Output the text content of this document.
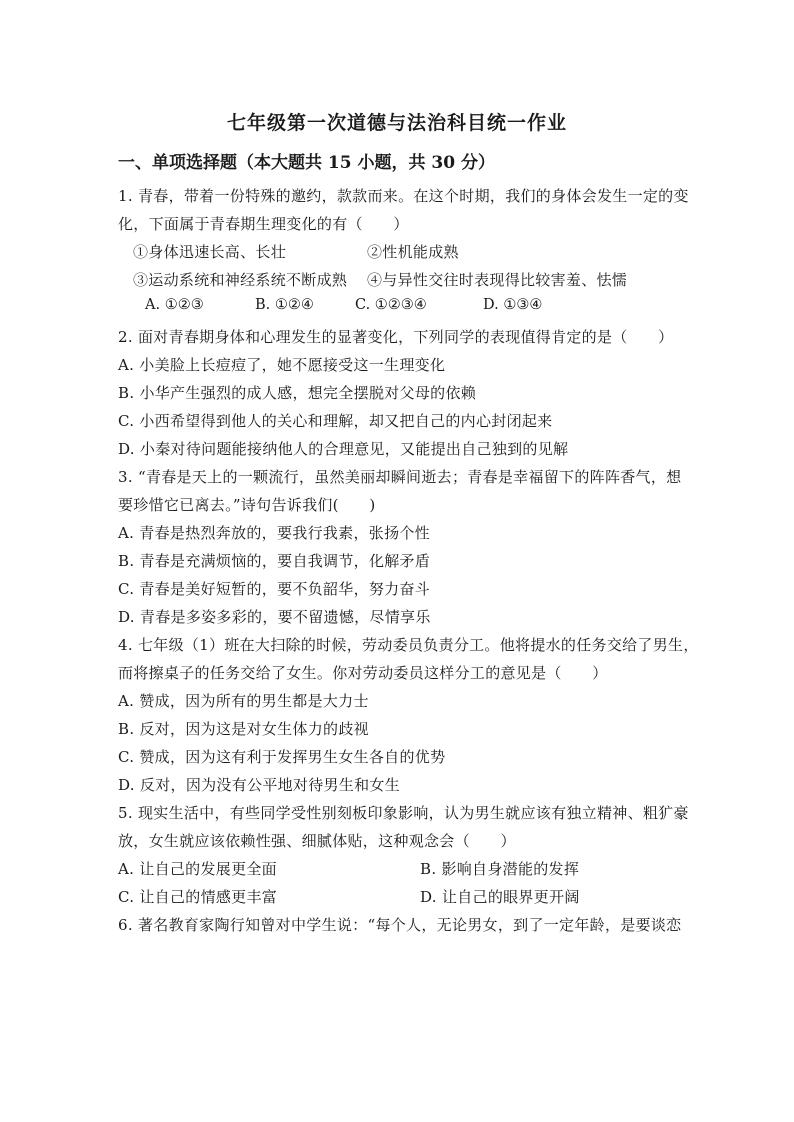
七年级第一次道德与法治科目统一作业
一、单项选择题（本大题共 15 小题，共 30 分）
1. 青春，带着一份特殊的邀约，款款而来。在这个时期，我们的身体会发生一定的变
化，下面属于青春期生理变化的有（　　）
①身体迅速长高、长壮	②性机能成熟
③运动系统和神经系统不断成熟 ④与异性交往时表现得比较害羞、怯懦
A. ①②③	B. ①②④	C. ①②③④	D. ①③④
2. 面对青春期身体和心理发生的显著变化，下列同学的表现值得肯定的是（　　）
A. 小美脸上长痘痘了，她不愿接受这一生理变化
B. 小华产生强烈的成人感，想完全摆脱对父母的依赖
C. 小西希望得到他人的关心和理解，却又把自己的内心封闭起来
D. 小秦对待问题能接纳他人的合理意见，又能提出自己独到的见解
3. “青春是天上的一颗流行，虽然美丽却瞬间逝去；青春是幸福留下的阵阵香气，想
要珍惜它已离去。”诗句告诉我们(　　)
A. 青春是热烈奔放的，要我行我素，张扬个性
B. 青春是充满烦恼的，要自我调节，化解矛盾
C. 青春是美好短暂的，要不负韶华，努力奋斗
D. 青春是多姿多彩的，要不留遗憾，尽情享乐
4. 七年级（1）班在大扫除的时候，劳动委员负责分工。他将提水的任务交给了男生，
而将擦桌子的任务交给了女生。你对劳动委员这样分工的意见是（　　）
A. 赞成，因为所有的男生都是大力士
B. 反对，因为这是对女生体力的歧视
C. 赞成，因为这有利于发挥男生女生各自的优势
D. 反对，因为没有公平地对待男生和女生
5. 现实生活中，有些同学受性别刻板印象影响，认为男生就应该有独立精神、粗犷豪
放，女生就应该依赖性强、细腻体贴，这种观念会（　　）
A. 让自己的发展更全面	B. 影响自身潜能的发挥
C. 让自己的情感更丰富	D. 让自己的眼界更开阔
6. 著名教育家陶行知曾对中学生说：“每个人，无论男女，到了一定年龄，是要谈恋
